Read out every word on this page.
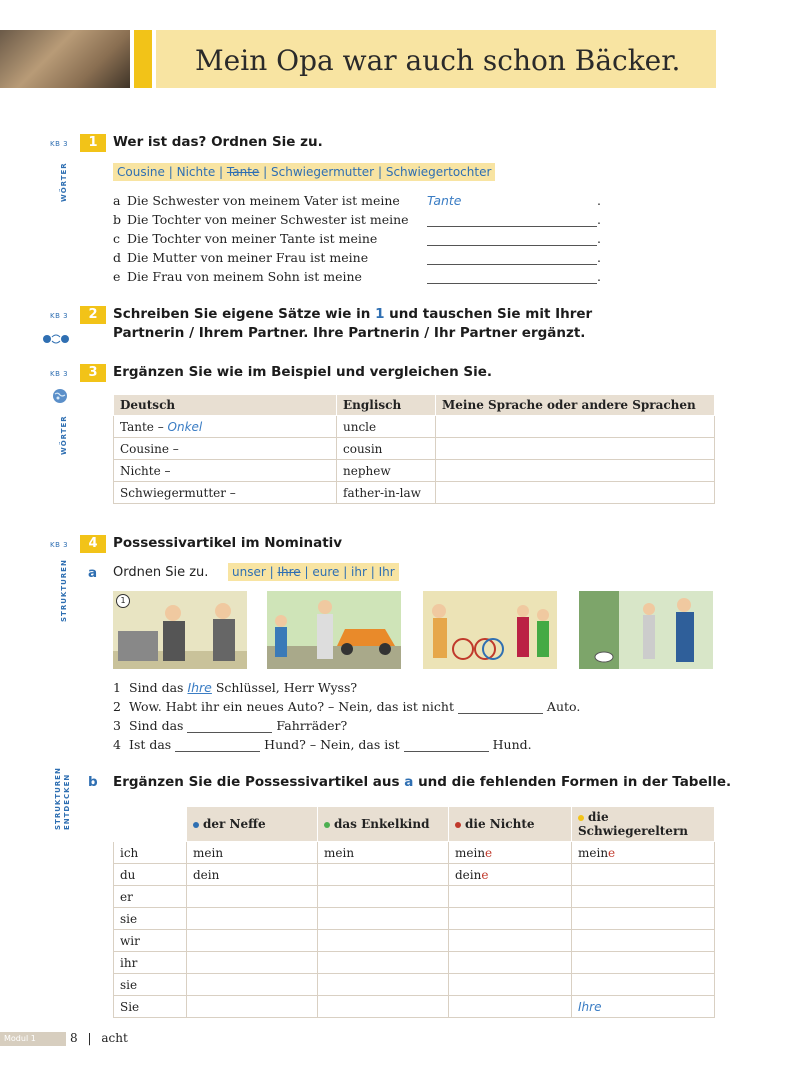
Mein Opa war auch schon Bäcker.
KB 3	1	Wer ist das? Ordnen Sie zu.
WÖRTER	Cousine | Nichte | Tante | Schwiegermutter | Schwiegertochter
a Die Schwester von meinem Vater ist meine Tante	.
b Die Tochter von meiner Schwester ist meine	.
c Die Tochter von meiner Tante ist meine	.
d Die Mutter von meiner Frau ist meine	.
e Die Frau von meinem Sohn ist meine	.
KB 3	2	Schreiben Sie eigene Sätze wie in 1 und tauschen Sie mit Ihrer
Partnerin / Ihrem Partner. Ihre Partnerin / Ihr Partner ergänzt.
KB 3	3	Ergänzen Sie wie im Beispiel und vergleichen Sie.
WÖRTER
Deutsch	Englisch	Meine Sprache oder andere Sprachen
Tante – Onkel	uncle	
Cousine –	cousin	
Nichte –	nephew	
Schwiegermutter –	father-in-law	
KB 3	4	Possessivartikel im Nominativ
STRUKTUREN a Ordnen Sie zu.	unser | Ihre | eure | ihr | Ihr
1
1 Sind das Ihre Schlüssel, Herr Wyss?
2 Wow. Habt ihr ein neues Auto? – Nein, das ist nicht	Auto.
3 Sind das	Fahrräder?
4 Ist das	Hund? – Nein, das ist	Hund.
STRUKTUREN ENTDECKEN b Ergänzen Sie die Possessivartikel aus a und die fehlenden Formen in der Tabelle.
	der Neffe	das Enkelkind	die Nichte	die Schwiegereltern
ich	mein	mein	meine	meine
du	dein		deine	
er				
sie				
wir				
ihr				
sie				
Sie				Ihre
Modul 1	8 | acht
